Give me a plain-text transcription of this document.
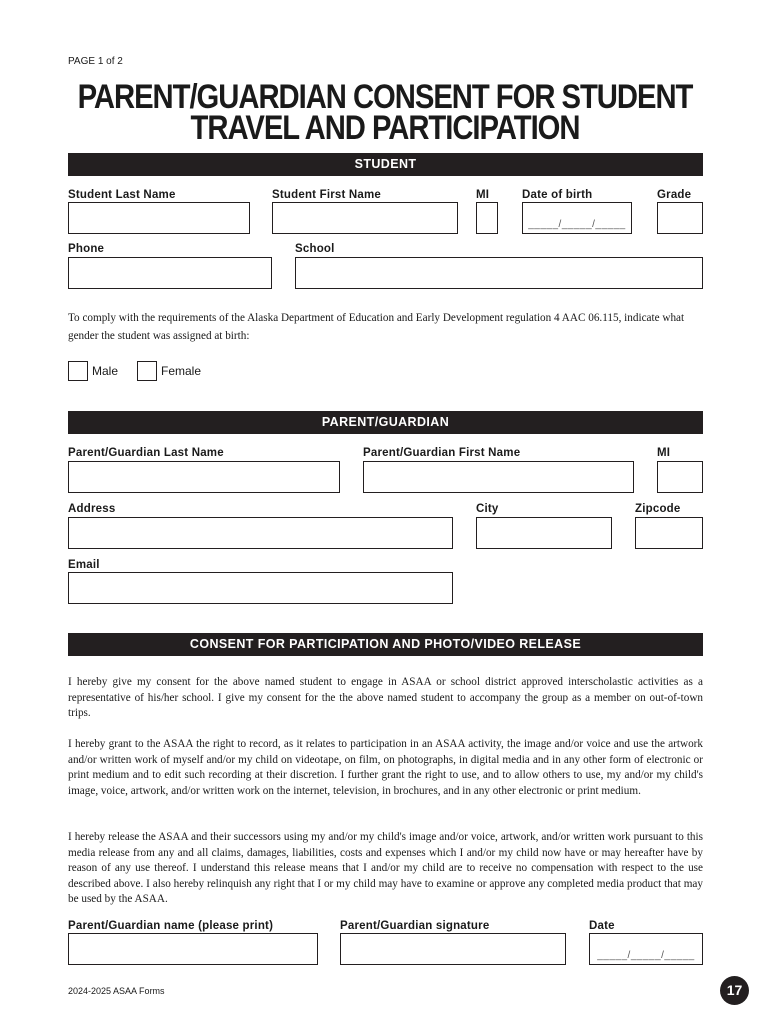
PAGE 1 of 2
PARENT/GUARDIAN CONSENT FOR STUDENT
TRAVEL AND PARTICIPATION
STUDENT
Student Last Name	Student First Name	MI	Date of birth	Grade
_____/_____/_____
Phone	School
To comply with the requirements of the Alaska Department of Education and Early Development regulation 4 AAC 06.115, indicate what gender the student was assigned at birth:
Male	Female
PARENT/GUARDIAN
Parent/Guardian Last Name	Parent/Guardian First Name	MI
Address	City	Zipcode
Email
CONSENT FOR PARTICIPATION AND PHOTO/VIDEO RELEASE
I hereby give my consent for the above named student to engage in ASAA or school district approved interscholastic activities as a representative of his/her school. I give my consent for the the above named student to accompany the group as a member on out-of-town trips.
I hereby grant to the ASAA the right to record, as it relates to participation in an ASAA activity, the image and/or voice and use the artwork and/or written work of myself and/or my child on videotape, on film, on photographs, in digital media and in any other form of electronic or print medium and to edit such recording at their discretion. I further grant the right to use, and to allow others to use, my and/or my child's image, voice, artwork, and/or written work on the internet, television, in brochures, and in any other electronic or print medium.
I hereby release the ASAA and their successors using my and/or my child's image and/or voice, artwork, and/or written work pursuant to this media release from any and all claims, damages, liabilities, costs and expenses which I and/or my child now have or may hereafter have by reason of any use thereof. I understand this release means that I and/or my child are to receive no compensation with respect to the use described above. I also hereby relinquish any right that I or my child may have to examine or approve any completed media product that may be used by the ASAA.
Parent/Guardian name (please print)	Parent/Guardian signature	Date
_____/_____/_____
2024-2025 ASAA Forms	17
